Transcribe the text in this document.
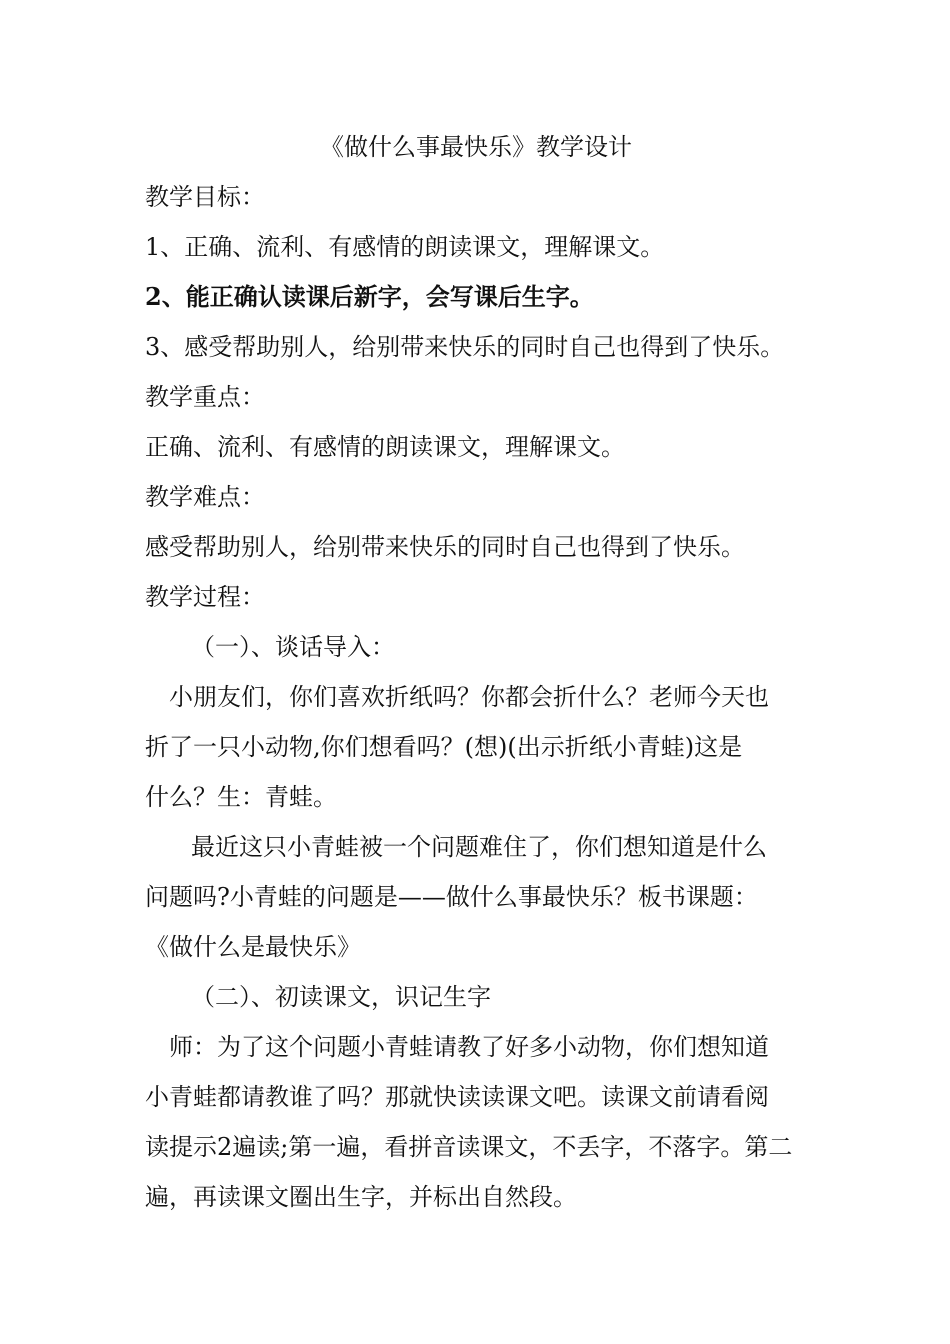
《做什么事最快乐》教学设计
教学目标：
1、正确、流利、有感情的朗读课文，理解课文。
2、能正确认读课后新字，会写课后生字。
3、感受帮助别人，给别带来快乐的同时自己也得到了快乐。
教学重点：
正确、流利、有感情的朗读课文，理解课文。
教学难点：
感受帮助别人，给别带来快乐的同时自己也得到了快乐。
教学过程：
（一）、谈话导入：
小朋友们，你们喜欢折纸吗？你都会折什么？老师今天也
折了一只小动物,你们想看吗？(想)(出示折纸小青蛙)这是
什么？生：青蛙。
最近这只小青蛙被一个问题难住了，你们想知道是什么
问题吗?小青蛙的问题是——做什么事最快乐？板书课题：
《做什么是最快乐》
（二）、初读课文，识记生字
师：为了这个问题小青蛙请教了好多小动物，你们想知道
小青蛙都请教谁了吗？那就快读读课文吧。读课文前请看阅
读提示2遍读;第一遍，看拼音读课文，不丢字，不落字。第二
遍，再读课文圈出生字，并标出自然段。
